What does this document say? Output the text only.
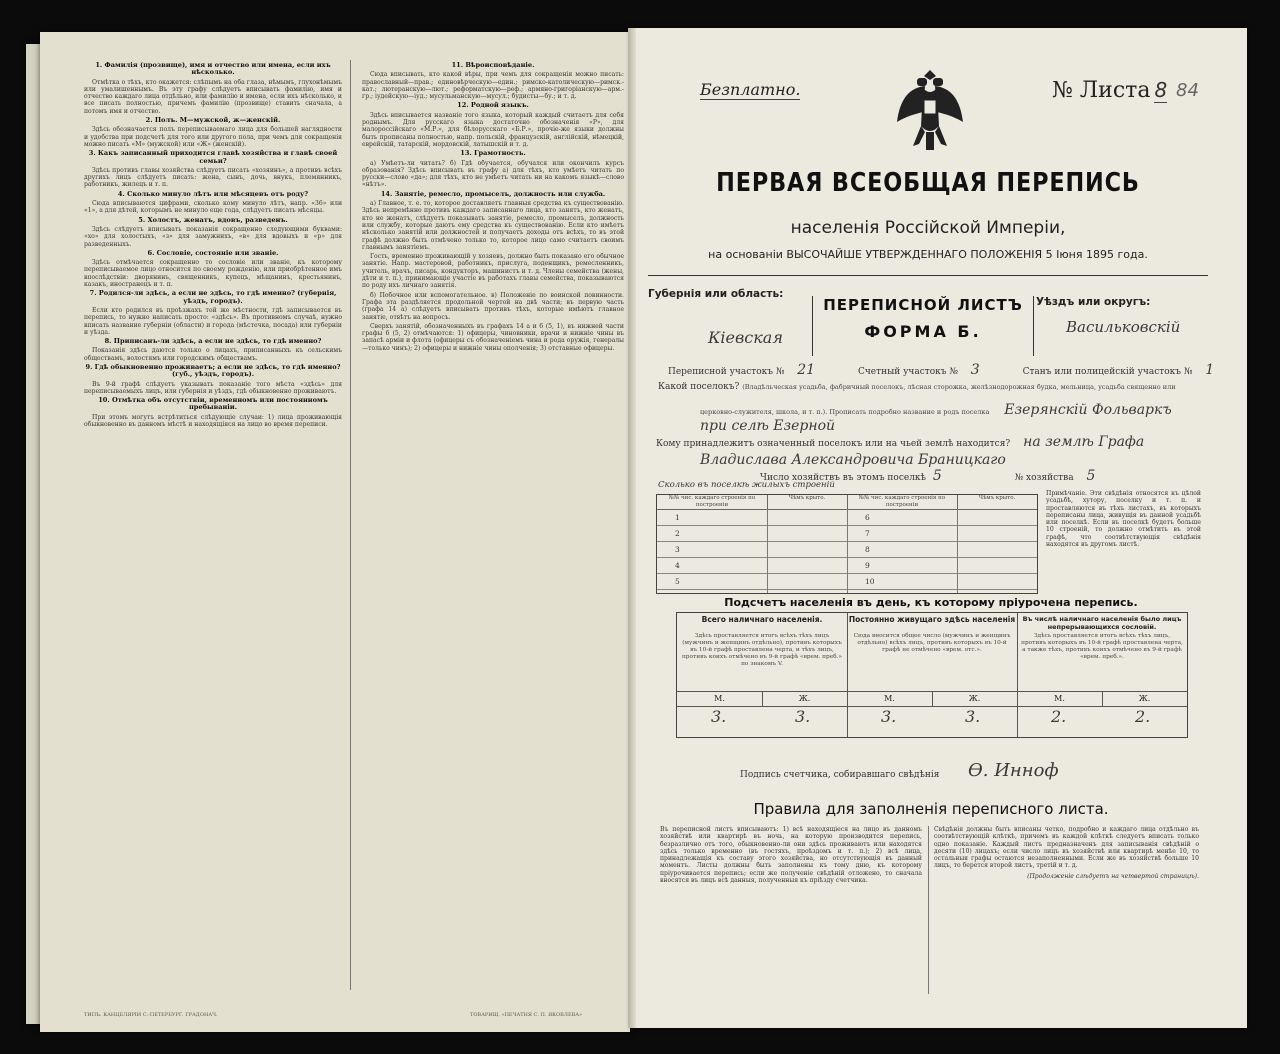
1. Фамилія (прозвище), имя и отчество или имена, если ихъ нѣсколько.

Отмѣтка о тѣхъ, кто окажется: слѣпымъ на оба глаза, нѣмымъ, глухонѣмымъ или умалишеннымъ. Въ эту графу слѣдуетъ вписывать фамилію, имя и отчество каждаго лица отдѣльно, или фамилію и имена, если ихъ нѣсколько, и все писать полностью, причемъ фамилію (прозвище) ставить сначала, а потомъ имя и отчество.

2. Полъ. М—мужской, ж—женскій.

Здѣсь обозначается полъ переписываемаго лица для большей наглядности и удобства при подсчетѣ для того или другого пола, при чемъ для сокращенія можно писать «М» (мужской) или «Ж» (женскій).

3. Какъ записанный приходится главѣ хозяйства и главѣ своей семьи?

Здѣсь противъ главы хозяйства слѣдуетъ писать «хозяинъ», а противъ всѣхъ другихъ лицъ слѣдуетъ писать: жена, сынъ, дочь, внукъ, племянникъ, работникъ, жилецъ и т. п.

4. Сколько минуло лѣтъ или мѣсяцевъ отъ роду?

Сюда вписываются цифрами, сколько кому минуло лѣтъ, напр. «36» или «1», а для дѣтей, которымъ не минуло еще года, слѣдуетъ писать мѣсяцы.

5. Холостъ, женатъ, вдовъ, разведенъ.

Здѣсь слѣдуетъ вписывать показанія сокращенно следующими буквами: «хо» для холостыхъ, «з» для замужнихъ, «в» для вдовыхъ и «р» для разведенныхъ.

6. Сословіе, состояніе или званіе.

Здѣсь отмѣчается сокращенно то сословіе или званіе, къ которому переписываемое лицо относится по своему рожденію, или приобрѣтенное имъ впослѣдствіи: дворянинъ, священникъ, купецъ, мѣщанинъ, крестьянинъ, казакъ, иностранецъ и т. п.

7. Родился-ли здѣсь, а если не здѣсь, то гдѣ именно? (губернія, уѣздъ, городъ).

Если кто родился въ проѣзжахъ той же мѣстности, гдѣ записывается въ перепись, то нужно написать просто: «здѣсь». Въ противномъ случаѣ, нужно вписать название губерніи (области) и города (мѣстечка, посада) или губерніи и уѣзда.

8. Приписанъ-ли здѣсь, а если не здѣсь, то гдѣ именно?

Показанія здѣсь даются только о лицахъ, приписанныхъ къ сельскимъ обществамъ, волостямъ или городскимъ обществамъ.

9. Гдѣ обыкновенно проживаетъ; а если не здѣсь, то гдѣ именно? (губ., уѣздъ, городъ).

Въ 9-й графѣ слѣдуетъ указывать показаніе того мѣста «здѣсь» для переписываемыхъ лицъ, или губернія и уѣздъ, гдѣ обыкновенно проживаютъ.

10. Отмѣтка объ отсутствіи, временномъ или постоянномъ пребываніи.

При этомъ могутъ встрѣтиться слѣдующіе случаи: 1) лица проживающія обыкновенно въ данномъ мѣстѣ и находящіяся на лицо во время переписи.

11. Вѣроисповѣданіе.

Сюда вписывать, кто какой вѣры, при чемъ для сокращенія можно писать: православный—прав.; единовѣрческую—един.; римско-католическую—римск.-кат.; лютеранскую—лют.; реформатскую—реф.; армяно-григоріанскую—арм.-гр.; іудейскую—іуд.; мусульманскую—мусул.; будисты—бу.; и т. д.

12. Родной языкъ.

Здѣсь вписывается названіе того языка, который каждый считаетъ для себя роднымъ. Для русскаго языка достаточно обозначенія «Р», для малороссійскаго «М.Р.», для бѣлорусскаго «Б.Р.», прочіе-же языки должны быть прописаны полностью, напр. польскій, французскій, англійскій, нѣмецкій, еврейскій, татарскій, мордовскій, латышскій и т. д.

13. Грамотность.

а) Умѣетъ-ли читать? б) Гдѣ обучается, обучался или окончилъ курсъ образованія? Здѣсь вписывать въ графу а) для тѣхъ, кто умѣетъ читать по русски—слово «да»; для тѣхъ, кто не умѣетъ читать ни на какомъ языкѣ—слово «нѣтъ».

14. Занятіе, ремесло, промыселъ, должность или служба.

а) Главное, т. е. то, которое доставляетъ главныя средства къ существованію. Здѣсь непремѣнно противъ каждаго записаннаго лица, кто занятъ, кто женатъ, кто не женатъ, слѣдуетъ показывать занятіе, ремесло, промыселъ, должность или службу, которые даютъ ему средства къ существованію. Если кто имѣетъ нѣсколько занятій или должностей и получаетъ доходы отъ всѣхъ, то въ этой графѣ должно быть отмѣчено только то, которое лицо само считаетъ своимъ главнымъ занятіемъ.

Гость, временно проживающій у хозяевъ, должно быть показано его обычное занятіе. Напр. мастеровой, работникъ, прислуга, поденщикъ, ремесленникъ, учитель, врачъ, писарь, кондукторъ, машинистъ и т. д. Члены семейства (жены, дѣти и т. п.), принимающіе участіе въ работахъ главы семейства, показываются по роду ихъ личнаго занятія.

б) Побочное или вспомогательное. в) Положеніе по воинской повинности. Графа эта раздѣляется продольной чертой на двѣ части; въ первую часть (графа 14 а) слѣдуетъ вписывать противъ тѣхъ, которые имѣютъ главное занятіе, отвѣтъ на вопросъ.

Сверхъ занятій, обозначенныхъ въ графахъ 14 а и 6 (5, 1), въ нижней части графы 6 (5, 2) отмѣчаются: 1) офицеры, чиновники, врачи и нижніе чины въ запасѣ арміи и флота (офицеры съ обозначеніемъ чина и рода оружія, генералы—только чинъ); 2) офицеры и нижніе чины ополченія; 3) отставные офицеры.

ТИПЪ. КАНЦЕЛЯРІИ С.-ПЕТЕРБУРГ. ГРАДОНАЧ.	ТОВАРИЩ. «ПЕЧАТНЯ С. П. ЯКОВЛЕВА»
Безплатно.	№ Листа 8 84
ПЕРВАЯ ВСЕОБЩАЯ ПЕРЕПИСЬ
населенія Россійской Имперіи,
на основаніи ВЫСОЧАЙШЕ УТВЕРЖДЕННАГО ПОЛОЖЕНІЯ 5 Іюня 1895 года.
Губернія или область:
Кіевская
ПЕРЕПИСНОЙ ЛИСТЪ
ФОРМА Б.
Уѣздъ или округъ:
Васильковскій
Переписной участокъ № 21	Счетный участокъ № 3	Станъ или полицейскій участокъ № 1
Какой поселокъ? (Владѣльческая усадьба, фабричный поселокъ, лѣсная сторожка, желѣзнодорожная будка, мельница, усадьба священно или
церковно-служителя, школа, и т. п.). Прописать подробно название и родъ поселка Езерянскій Фольваркъ
при селѣ Езерной
Кому принадлежитъ означенный поселокъ или на чьей землѣ находится? на землѣ Графа
Владислава Александровича Браницкаго
Число хозяйствъ въ этомъ поселкѣ 5	№ хозяйства 5
Сколько въ поселкѣ жилыхъ строеній
№№ чис. каждаго строенія по построеніи
Чѣмъ крыто.	№№ чис. каждаго строенія по построеніи
Чѣмъ крыто.
1	6
2	7
3	8
4	9
5	10
Примѣчаніе. Эти свѣдѣнія относятся къ цѣлой усадьбѣ, хутору, поселку и т. п. и проставляются въ тѣхъ листахъ, въ которыхъ переписаны лица, живущія въ данной усадьбѣ или поселкѣ. Если въ поселкѣ будетъ больше 10 строеній, то должно отмѣтить въ этой графѣ, что соотвѣтствующія свѣдѣнія находятся въ другомъ листѣ.
Подсчетъ населенія въ день, къ которому пріурочена перепись.
Всего наличнаго населенія.
Здѣсь проставляется итогъ всѣхъ тѣхъ лицъ (мужчинъ и женщинъ отдѣльно), противъ которыхъ въ 10-й графѣ проставлена черта, и тѣхъ лицъ, противъ коихъ отмѣчено въ 9-й графѣ «врем. преб.» по знакомъ V.
М.	Ж.
3.	3.
Постоянно живущаго здѣсь населенія
Сюда вносится общее число (мужчинъ и женщинъ отдѣльно) всѣхъ лицъ, противъ которыхъ въ 10-й графѣ не отмѣчено «врем. отс.».
М.	Ж.
3.	3.
Въ числѣ наличнаго населенія было лицъ непрерывающихся сословій.
Здѣсь проставляется итогъ всѣхъ тѣхъ лицъ, противъ которыхъ въ 10-й графѣ проставлена черта, а также тѣхъ, противъ коихъ отмѣчено въ 9-й графѣ «врем. преб.».
М.	Ж.
2.	2.
Подпись счетчика, собиравшаго свѣдѣнія Ѳ. Инноф
Правила для заполненія переписного листа.
Въ переписной листъ вписываютъ: 1) всѣ находящіеся на лицо въ данномъ хозяйствѣ или квартирѣ въ ночь, на которую производится перепись, безразлично отъ того, обыкновенно-ли они здѣсь проживаютъ или находятся здѣсь только временно (въ гостяхъ, проѣздомъ и т. п.); 2) всѣ лица, принадлежащія къ составу этого хозяйства, но отсутствующія въ данный моментъ. Листы должны быть заполнены къ тому дню, къ которому пріурочивается перепись; если же полученіе свѣдѣній отложено, то сначала вносятся въ лицъ всѣ данныя, полученныя къ пріѣзду счетчика.
Свѣдѣнія должны быть вписаны четко, подробно и каждаго лица отдѣльно въ соотвѣтствующій клѣткѣ, причемъ въ каждой клѣткѣ следуетъ вписать только одно показаніе. Каждый листъ предназначенъ для записыванія свѣдѣній о десяти (10) лицахъ; если число лицъ въ хозяйствѣ или квартирѣ менѣе 10, то остальныя графы остаются незаполненными. Если же въ хозяйствѣ больше 10 лицъ, то берется второй листъ, третій и т. д.
(Продолженіе слѣдуетъ на четвертой страницѣ).
